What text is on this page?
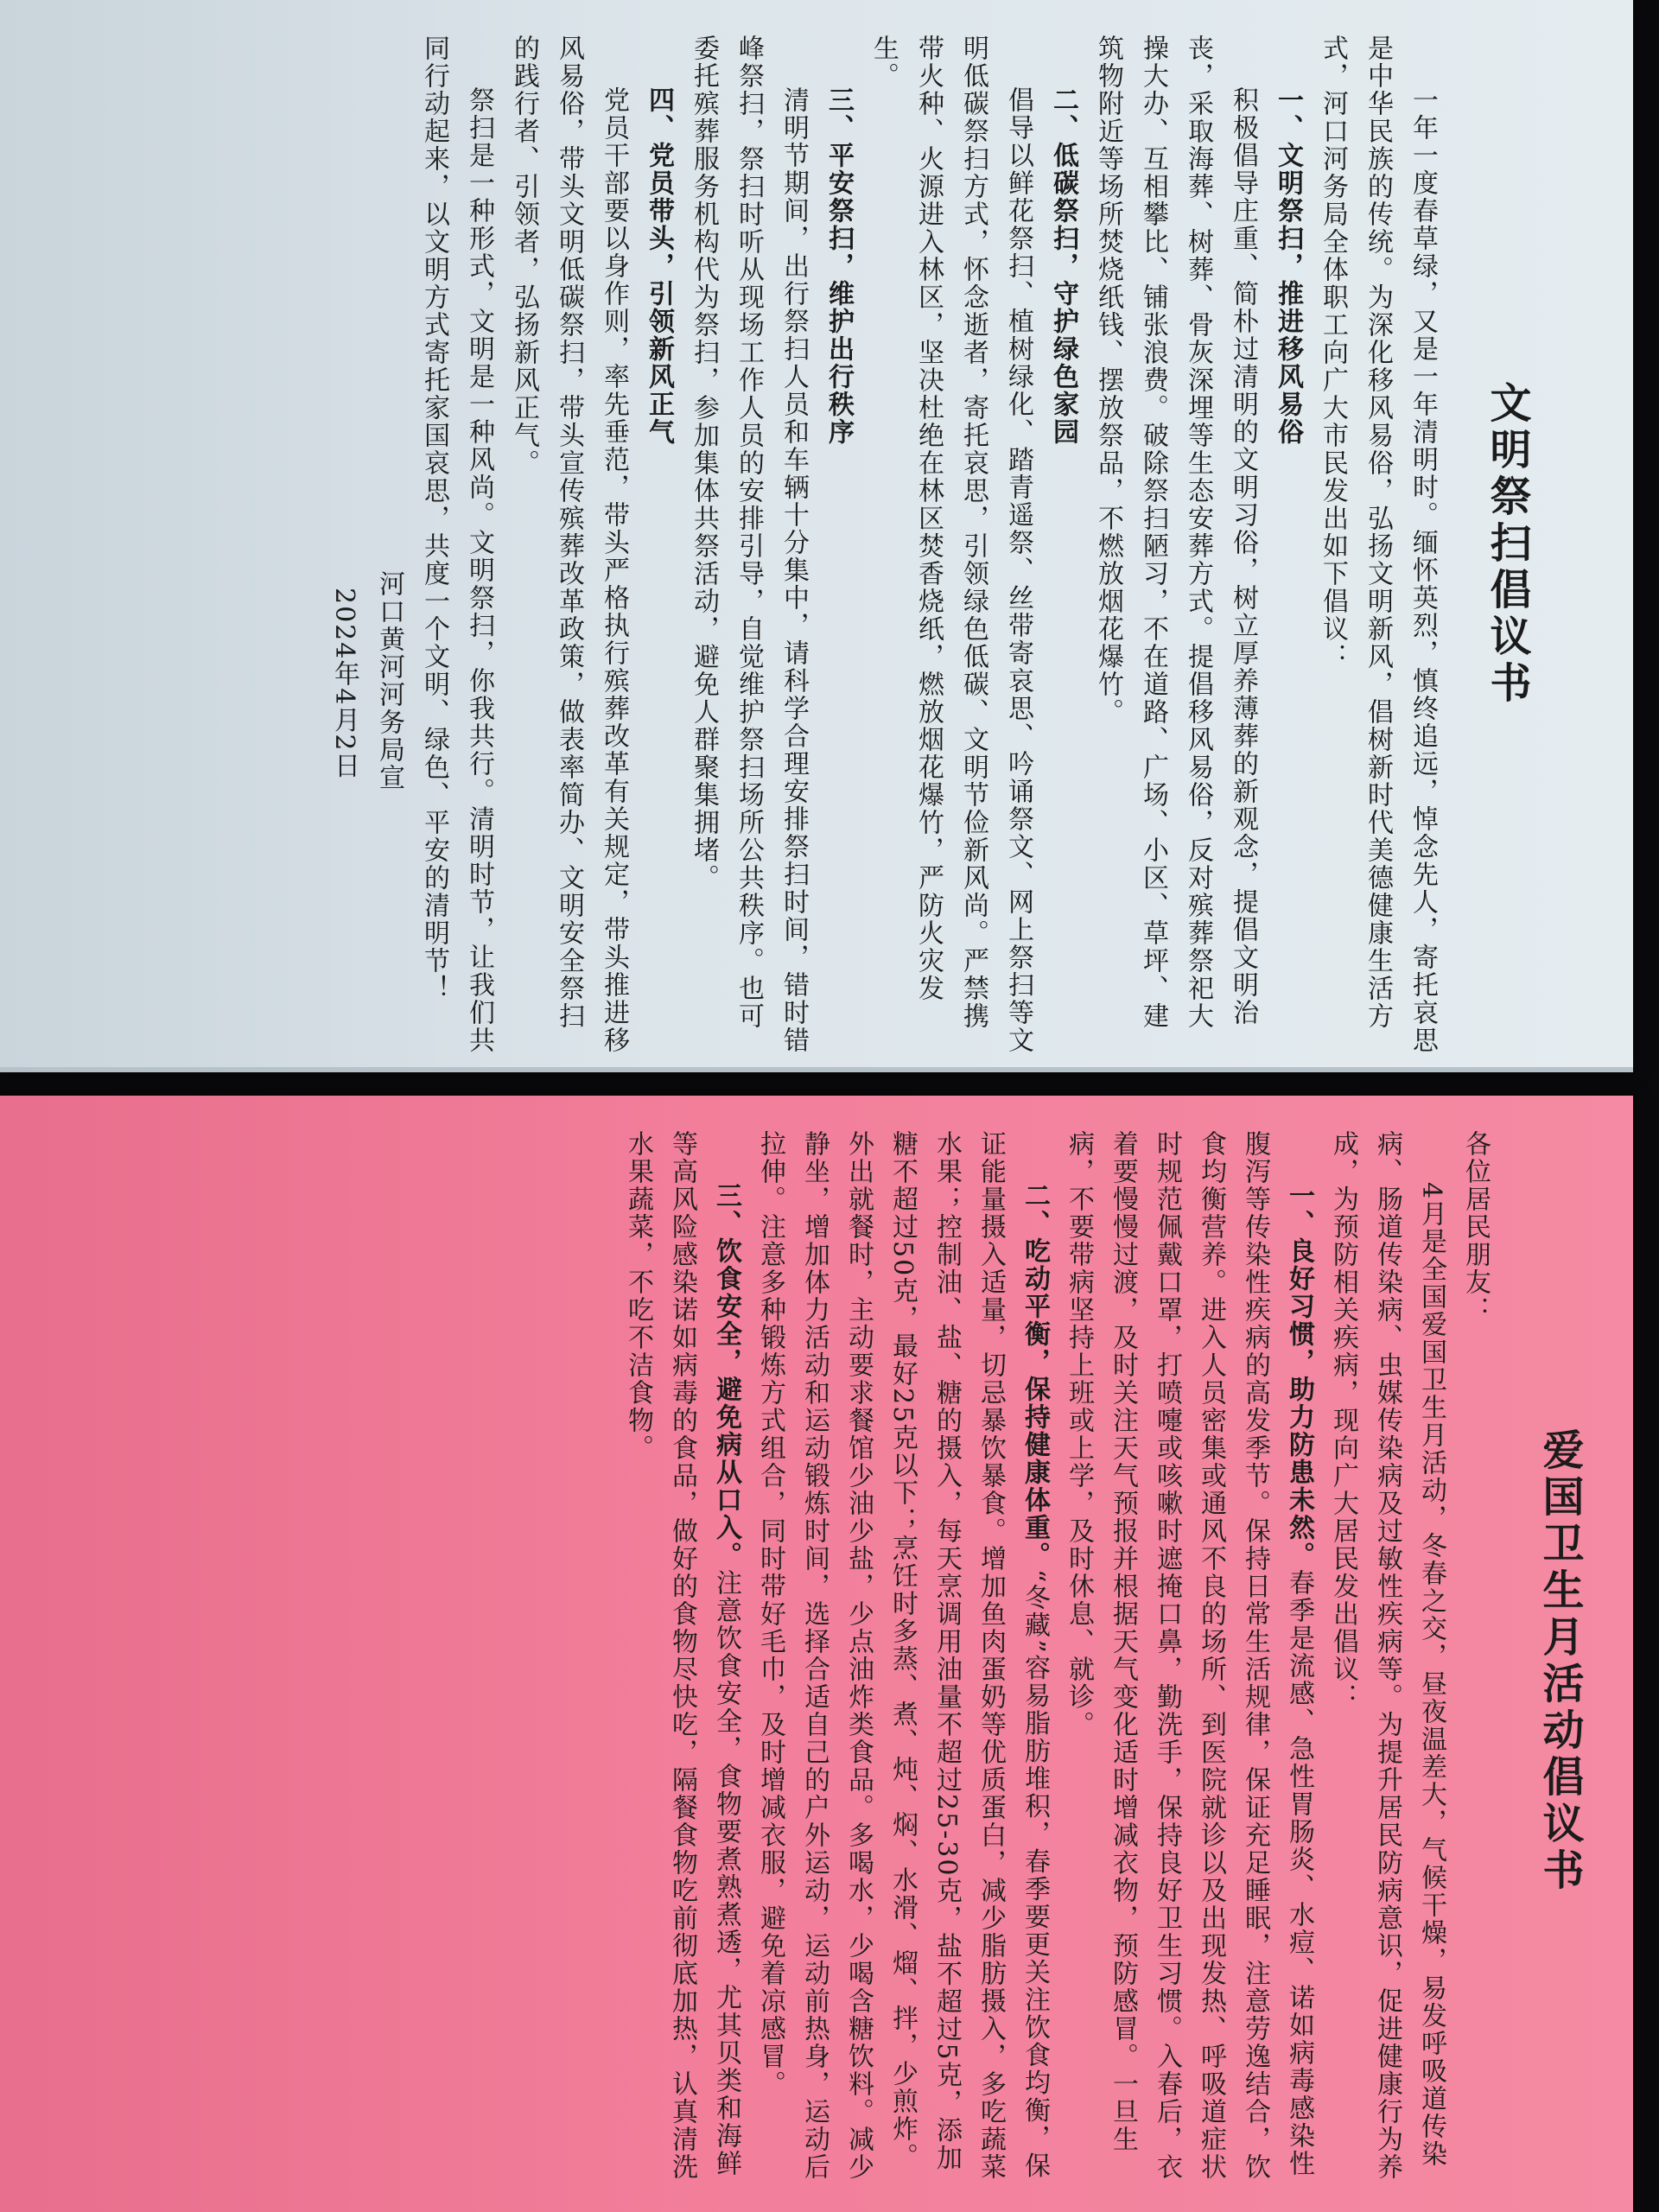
文明祭扫倡议书

一年一度春草绿，又是一年清明时。缅怀英烈，慎终追远，悼念先人，寄托哀思是中华民族的传统。为深化移风易俗，弘扬文明新风，倡树新时代美德健康生活方式，河口河务局全体职工向广大市民发出如下倡议：

一、文明祭扫，推进移风易俗

积极倡导庄重、简朴过清明的文明习俗，树立厚养薄葬的新观念，提倡文明治丧，采取海葬、树葬、骨灰深埋等生态安葬方式。提倡移风易俗，反对殡葬祭祀大操大办、互相攀比、铺张浪费。破除祭扫陋习，不在道路、广场、小区、草坪、建筑物附近等场所焚烧纸钱、摆放祭品，不燃放烟花爆竹。

二、低碳祭扫，守护绿色家园

倡导以鲜花祭扫、植树绿化、踏青遥祭、丝带寄哀思、吟诵祭文、网上祭扫等文明低碳祭扫方式，怀念逝者，寄托哀思，引领绿色低碳、文明节俭新风尚。严禁携带火种、火源进入林区，坚决杜绝在林区焚香烧纸，燃放烟花爆竹，严防火灾发生。

三、平安祭扫，维护出行秩序

清明节期间，出行祭扫人员和车辆十分集中，请科学合理安排祭扫时间，错时错峰祭扫，祭扫时听从现场工作人员的安排引导，自觉维护祭扫场所公共秩序。也可委托殡葬服务机构代为祭扫，参加集体共祭活动，避免人群聚集拥堵。

四、党员带头，引领新风正气

党员干部要以身作则，率先垂范，带头严格执行殡葬改革有关规定，带头推进移风易俗，带头文明低碳祭扫，带头宣传殡葬改革政策，做表率简办、文明安全祭扫的践行者、引领者，弘扬新风正气。

祭扫是一种形式，文明是一种风尚。文明祭扫，你我共行。清明时节，让我们共同行动起来，以文明方式寄托家国哀思，共度一个文明、绿色、平安的清明节！

河口黄河河务局宣

2024年4月2日

爱国卫生月活动倡议书

各位居民朋友：

4月是全国爱国卫生月活动，冬春之交，昼夜温差大，气候干燥，易发呼吸道传染病、肠道传染病、虫媒传染病及过敏性疾病等。为提升居民防病意识，促进健康行为养成，为预防相关疾病，现向广大居民发出倡议：

一、良好习惯，助力防患未然。春季是流感、急性胃肠炎、水痘、诺如病毒感染性腹泻等传染性疾病的高发季节。保持日常生活规律，保证充足睡眠，注意劳逸结合，饮食均衡营养。进入人员密集或通风不良的场所、到医院就诊以及出现发热、呼吸道症状时规范佩戴口罩，打喷嚏或咳嗽时遮掩口鼻，勤洗手，保持良好卫生习惯。入春后，衣着要慢慢过渡，及时关注天气预报并根据天气变化适时增减衣物，预防感冒。一旦生病，不要带病坚持上班或上学，及时休息、就诊。

二、吃动平衡，保持健康体重。“冬藏”容易脂肪堆积，春季要更关注饮食均衡，保证能量摄入适量，切忌暴饮暴食。增加鱼肉蛋奶等优质蛋白，减少脂肪摄入，多吃蔬菜水果；控制油、盐、糖的摄入，每天烹调用油量不超过25-30克，盐不超过5克，添加糖不超过50克，最好25克以下；烹饪时多蒸、煮、炖、焖、水滑、熘、拌，少煎炸。外出就餐时，主动要求餐馆少油少盐，少点油炸类食品。多喝水，少喝含糖饮料。减少静坐，增加体力活动和运动锻炼时间，选择合适自己的户外运动，运动前热身，运动后拉伸。注意多种锻炼方式组合，同时带好毛巾，及时增减衣服，避免着凉感冒。

三、饮食安全，避免病从口入。注意饮食安全，食物要煮熟煮透，尤其贝类和海鲜等高风险感染诺如病毒的食品，做好的食物尽快吃，隔餐食物吃前彻底加热，认真清洗水果蔬菜，不吃不洁食物。
